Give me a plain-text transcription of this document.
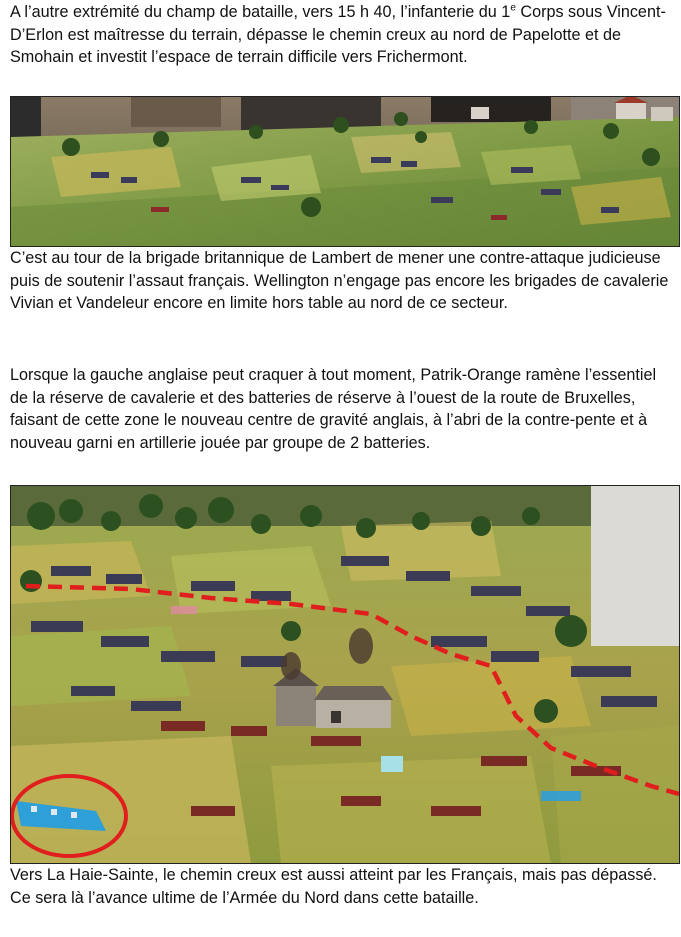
A l’autre extrémité du champ de bataille, vers 15 h 40, l’infanterie du 1e Corps sous Vincent-D’Erlon est maîtresse du terrain, dépasse le chemin creux au nord de Papelotte et de Smohain et investit l’espace de terrain difficile vers Frichermont.

C’est au tour de la brigade britannique de Lambert de mener une contre-attaque judicieuse puis de soutenir l’assaut français. Wellington n’engage pas encore les brigades de cavalerie Vivian et Vandeleur encore en limite hors table au nord de ce secteur.

Lorsque la gauche anglaise peut craquer à tout moment, Patrik-Orange ramène l’essentiel de la réserve de cavalerie et des batteries de réserve à l’ouest de la route de Bruxelles, faisant de cette zone le nouveau centre de gravité anglais, à l’abri de la contre-pente et à nouveau garni en artillerie jouée par groupe de 2 batteries.

Vers La Haie-Sainte, le chemin creux est aussi atteint par les Français, mais pas dépassé. Ce sera là l’avance ultime de l’Armée du Nord dans cette bataille.
